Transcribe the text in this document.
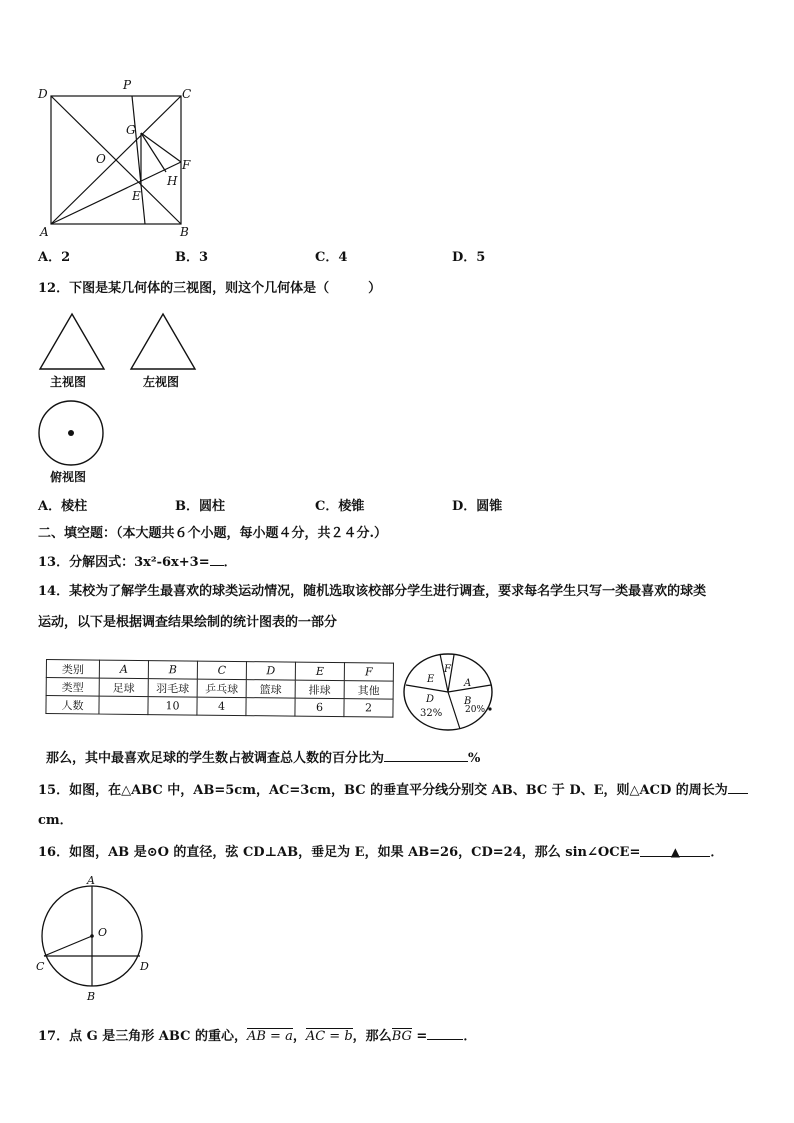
D
P
C
G
O	F
H
E
A	B
A．2	B．3	C．4	D．5
12．下图是某几何体的三视图，则这个几何体是（　　　）
主视图	左视图
俯视图
A．棱柱	B．圆柱	C．棱锥	D．圆锥
二、填空题：（本大题共６个小题，每小题４分，共２４分.）
13．分解因式：3x²-6x+3= ．
14．某校为了解学生最喜欢的球类运动情况，随机选取该校部分学生进行调查，要求每名学生只写一类最喜欢的球类
运动，以下是根据调查结果绘制的统计图表的一部分
类别	A	B	C	D	E	F
类型	足球	羽毛球	乒乓球	篮球	排球	其他
人数		10	4		6	2
F
E	A
D	B
32%	20%
那么，其中最喜欢足球的学生数占被调查总人数的百分比为	%
15．如图，在△ABC 中，AB=5cm，AC=3cm，BC 的垂直平分线分别交 AB、BC 于 D、E，则△ACD 的周长为
cm．
16．如图，AB 是⊙O 的直径，弦 CD⊥AB，垂足为 E，如果 AB=26，CD=24，那么 sin∠OCE=	▲ ．
A
O
C	D
B
17．点 G 是三角形 ABC 的重心，AB = a，AC = b，那么BG =	．
